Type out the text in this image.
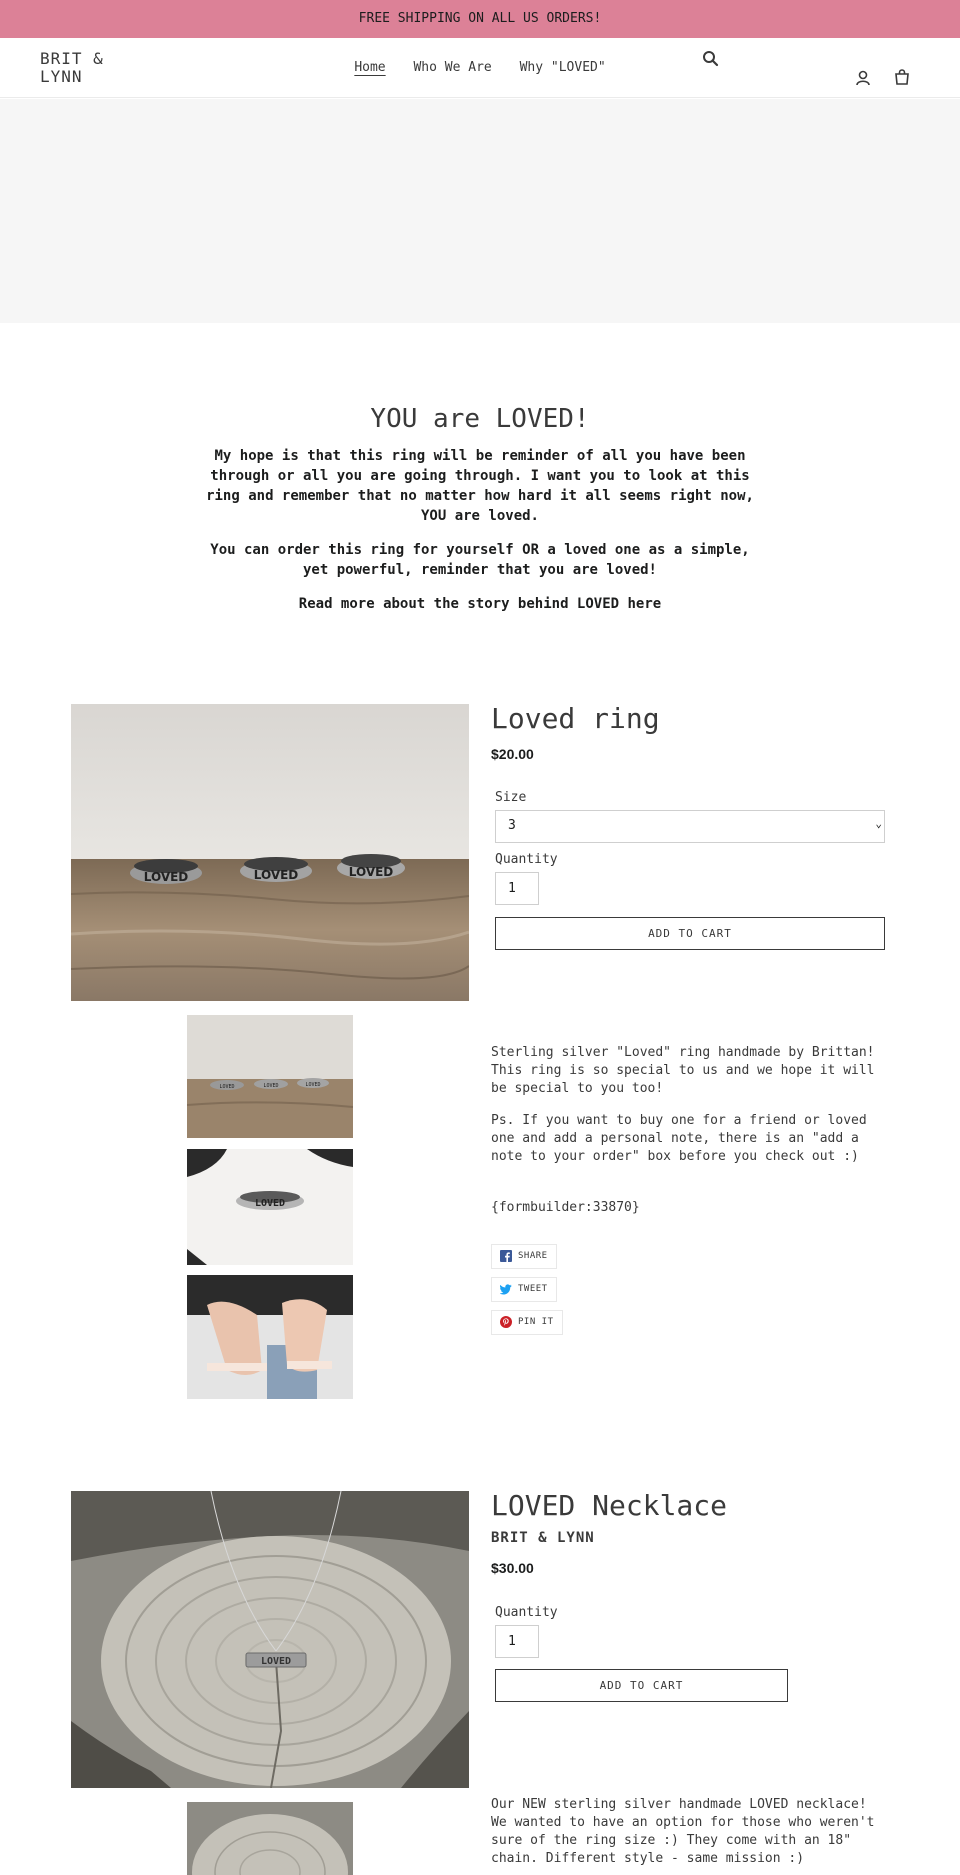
FREE SHIPPING ON ALL US ORDERS!
BRIT & LYNN	Home Who We Are Why "LOVED"
YOU are LOVED!

My hope is that this ring will be reminder of all you have been through or all you are going through. I want you to look at this ring and remember that no matter how hard it all seems right now, YOU are loved.

You can order this ring for yourself OR a loved one as a simple, yet powerful, reminder that you are loved!

Read more about the story behind LOVED here

LOVED	LOVED	LOVED
LOVED	LOVED	LOVED
LOVED
Loved ring
$20.00
Size
3	⌄
Quantity
1
ADD TO CART

Sterling silver "Loved" ring handmade by Brittan! This ring is so special to us and we hope it will be special to you too!

Ps. If you want to buy one for a friend or loved one and add a personal note, there is an "add a note to your order" box before you check out :)

{formbuilder:33870}
SHARE
TWEET
PIN IT
LOVED
LOVED Necklace
BRIT & LYNN
$30.00
Quantity
1
ADD TO CART
Our NEW sterling silver handmade LOVED necklace! We wanted to have an option for those who weren't sure of the ring size :) They come with an 18" chain. Different style - same mission :)
